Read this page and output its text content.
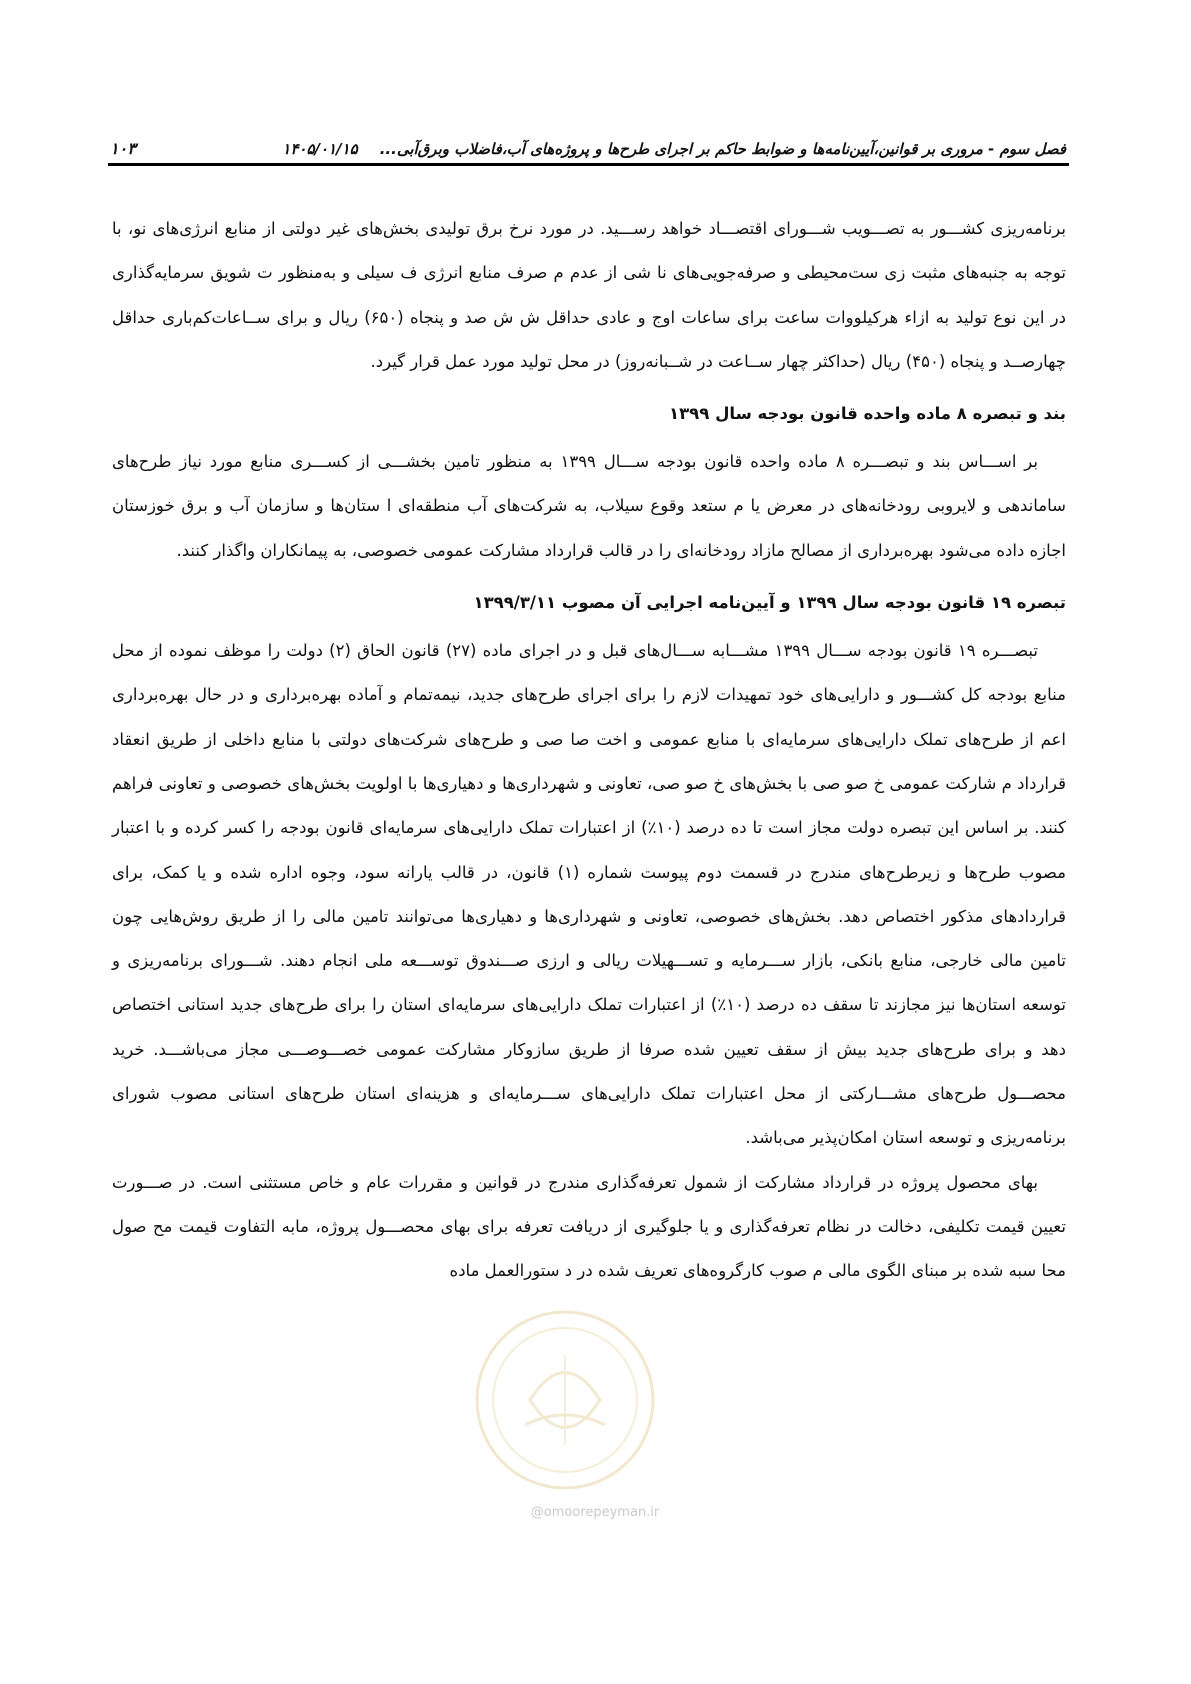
فصل سوم - مروری بر قوانین،آیین‌نامه‌ها و ضوابط حاکم بر اجرای طرح‌ها و پروژه‌های آب،فاضلاب وبرق‌آبی...
۱۴۰۵/۰۱/۱۵
۱۰۳

برنامه‌ریزی کشـــور به تصـــویب شـــورای اقتصـــاد خواهد رســـید. در مورد نرخ برق تولیدی بخش‌های غیر دولتی از منابع انرژی‌های نو، با توجه به جنبه‌های مثبت زی ست‌محیطی و صرفه‌جویی‌های نا شی از عدم م صرف منابع انرژی ف سیلی و به‌منظور ت شویق سرمایه‌گذاری در این نوع تولید به ازاء هرکیلووات ساعت برای ساعات اوج و عادی حداقل ش ش صد و پنجاه (۶۵۰) ریال و برای ســاعات‌کم‌باری حداقل چهارصــد و پنجاه (۴۵۰) ریال (حداکثر چهار ســاعت در شــبانه‌روز) در محل تولید مورد عمل قرار گیرد.

بند و تبصره ۸ ماده واحده قانون بودجه سال ۱۳۹۹

بر اســـاس بند و تبصـــره ۸ ماده واحده قانون بودجه ســـال ۱۳۹۹ به منظور تامین بخشـــی از کســـری منابع مورد نیاز طرح‌های ساماندهی و لایروبی رودخانه‌های در معرض یا م ستعد وقوع سیلاب، به شرکت‌های آب منطقه‌ای ا ستان‌ها و سازمان آب و برق خوزستان اجازه داده می‌شود بهره‌برداری از مصالح مازاد رودخانه‌ای را در قالب قرارداد مشارکت عمومی خصوصی، به پیمانکاران واگذار کنند.

تبصره ۱۹ قانون بودجه سال ۱۳۹۹ و آیین‌نامه اجرایی آن مصوب ۱۳۹۹/۳/۱۱

تبصـــره ۱۹ قانون بودجه ســـال ۱۳۹۹ مشـــابه ســـال‌های قبل و در اجرای ماده (۲۷) قانون الحاق (۲) دولت را موظف نموده از محل منابع بودجه کل کشـــور و دارایی‌های خود تمهیدات لازم را برای اجرای طرح‌های جدید، نیمه‌تمام و آماده بهره‌برداری و در حال بهره‌برداری اعم از طرح‌های تملک دارایی‌های سرمایه‌ای با منابع عمومی و اخت صا صی و طرح‌های شرکت‌های دولتی با منابع داخلی از طریق انعقاد قرارداد م شارکت عمومی خ صو صی با بخش‌های خ صو صی، تعاونی و شهرداری‌ها و دهیاری‌ها با اولویت بخش‌های خصوصی و تعاونی فراهم کنند. بر اساس این تبصره دولت مجاز است تا ده درصد (۱۰٪) از اعتبارات تملک دارایی‌های سرمایه‌ای قانون بودجه را کسر کرده و با اعتبار مصوب طرح‌ها و زیرطرح‌های مندرج در قسمت دوم پیوست شماره (۱) قانون، در قالب یارانه سود، وجوه اداره شده و یا کمک، برای قراردادهای مذکور اختصاص دهد. بخش‌های خصوصی، تعاونی و شهرداری‌ها و دهیاری‌ها می‌توانند تامین مالی را از طریق روش‌هایی چون تامین مالی خارجی، منابع بانکی، بازار ســـرمایه و تســـهیلات ریالی و ارزی صـــندوق توســـعه ملی انجام دهند. شـــورای برنامه‌ریزی و توسعه استان‌ها نیز مجازند تا سقف ده درصد (۱۰٪) از اعتبارات تملک دارایی‌های سرمایه‌ای استان را برای طرح‌های جدید استانی اختصاص دهد و برای طرح‌های جدید بیش از سقف تعیین شده صرفا از طریق سازوکار مشارکت عمومی خصـــوصـــی مجاز می‌باشـــد. خرید محصـــول طرح‌های مشـــارکتی از محل اعتبارات تملک دارایی‌های ســـرمایه‌ای و هزینه‌ای استان طرح‌های استانی مصوب شورای برنامه‌ریزی و توسعه استان امکان‌پذیر می‌باشد.

بهای محصول پروژه در قرارداد مشارکت از شمول تعرفه‌گذاری مندرج در قوانین و مقررات عام و خاص مستثنی است. در صـــورت تعیین قیمت تکلیفی، دخالت در نظام تعرفه‌گذاری و یا جلوگیری از دریافت تعرفه برای بهای محصـــول پروژه، مابه التفاوت قیمت مح صول محا سبه شده بر مبنای الگوی مالی م صوب کارگروه‌های تعریف شده در د ستورالعمل ماده

@omoorepeyman.ir
